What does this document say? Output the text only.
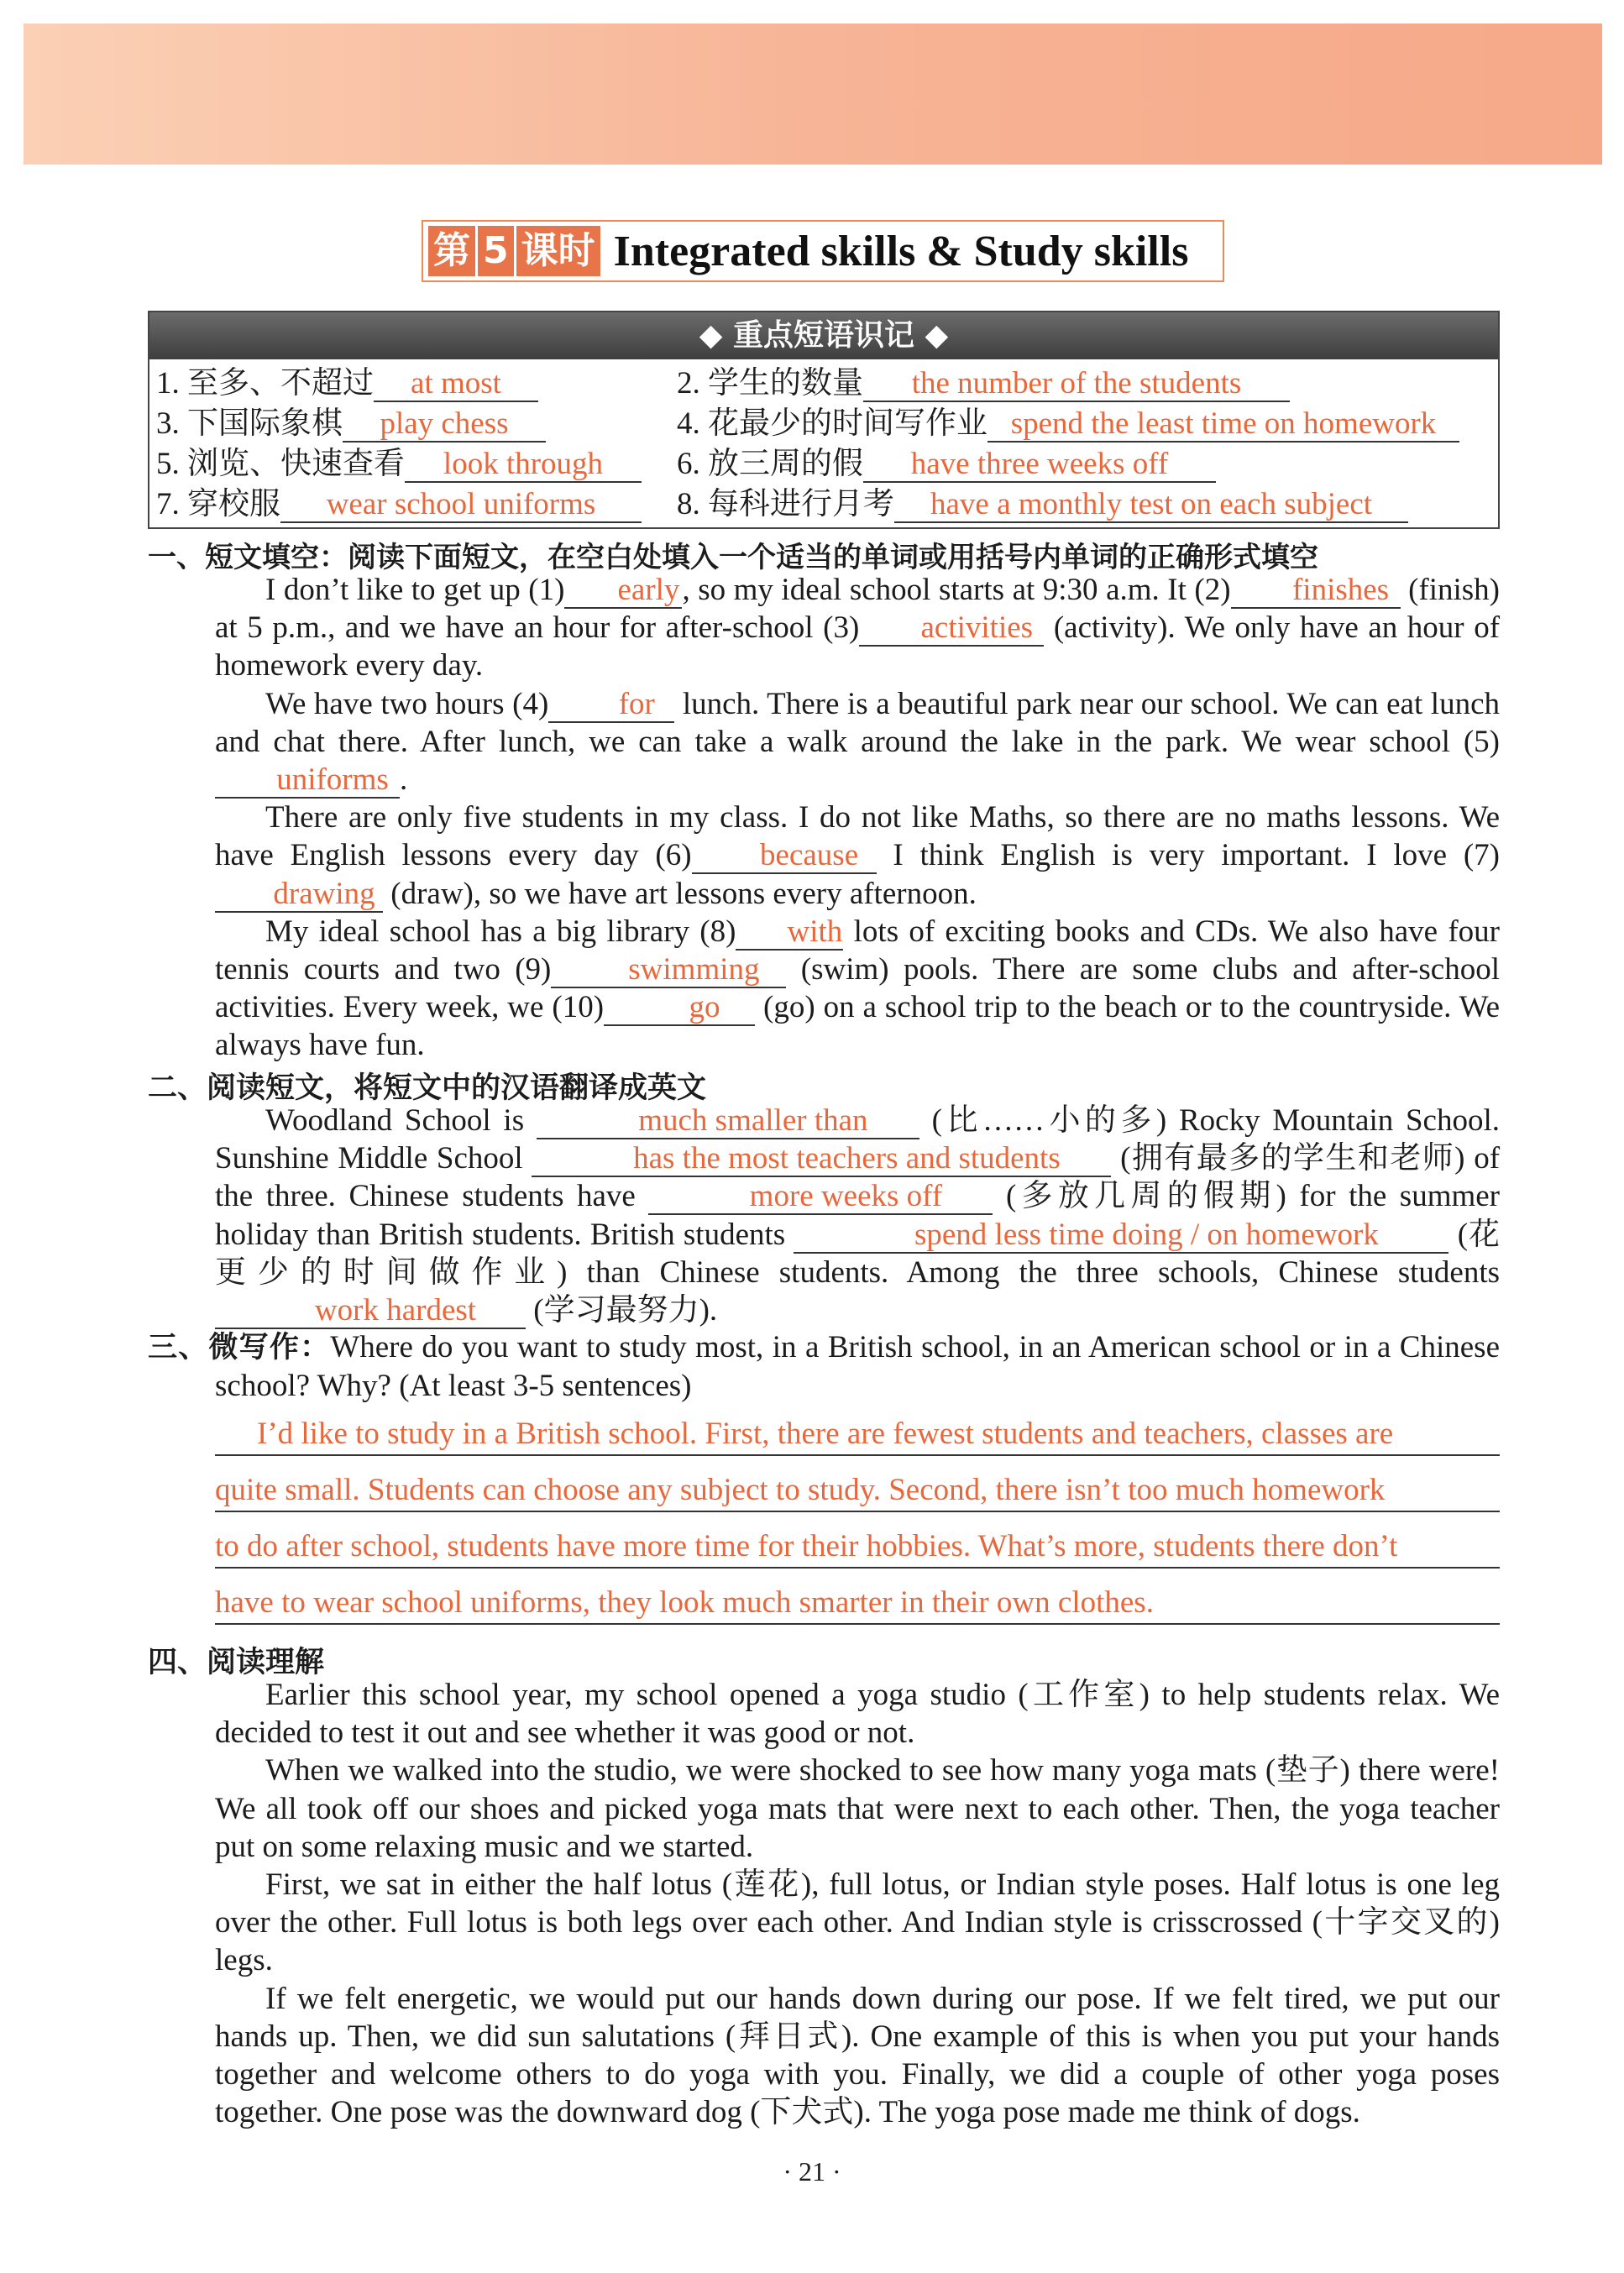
第 5 课时 Integrated skills & Study skills
◆ 重点短语识记 ◆
1. 至多、不超过 at most	2. 学生的数量 the number of the students
3. 下国际象棋 play chess	4. 花最少的时间写作业 spend the least time on homework
5. 浏览、快速查看 look through	6. 放三周的假 have three weeks off
7. 穿校服 wear school uniforms	8. 每科进行月考 have a monthly test on each subject
一、短文填空：阅读下面短文，在空白处填入一个适当的单词或用括号内单词的正确形式填空

I don’t like to get up (1) early, so my ideal school starts at 9:30 a.m. It (2) finishes (finish) at 5 p.m., and we have an hour for after-school (3) activities (activity). We only have an hour of homework every day.

We have two hours (4) for lunch. There is a beautiful park near our school. We can eat lunch and chat there. After lunch, we can take a walk around the lake in the park. We wear school (5)uniforms .

There are only five students in my class. I do not like Maths, so there are no maths lessons. We have English lessons every day (6) because I think English is very important. I love (7) drawing (draw), so we have art lessons every afternoon.

My ideal school has a big library (8) with lots of exciting books and CDs. We also have four tennis courts and two (9) swimming (swim) pools. There are some clubs and after-school activities. Every week, we (10)	go (go) on a school trip to the beach or to the countryside. We always have fun.

二、阅读短文，将短文中的汉语翻译成英文

Woodland School is	much smaller than (比……小的多) Rocky Mountain School. Sunshine Middle School	has the most teachers and students (拥有最多的学生和老师) of the three. Chinese students have	more weeks off (多放几周的假期) for the summer holiday than British students. British students	spend less time doing / on homework	(花更少的时间做作业) than Chinese students. Among the three schools, Chinese students work hardest (学习最努力).

三、微写作：Where do you want to study most, in a British school, in an American school or in a Chinese school? Why? (At least 3-5 sentences)

I’d like to study in a British school. First, there are fewest students and teachers, classes are
quite small. Students can choose any subject to study. Second, there isn’t too much homework
to do after school, students have more time for their hobbies. What’s more, students there don’t
have to wear school uniforms, they look much smarter in their own clothes.
四、阅读理解

Earlier this school year, my school opened a yoga studio (工作室) to help students relax. We decided to test it out and see whether it was good or not.

When we walked into the studio, we were shocked to see how many yoga mats (垫子) there were! We all took off our shoes and picked yoga mats that were next to each other. Then, the yoga teacher put on some relaxing music and we started.

First, we sat in either the half lotus (莲花), full lotus, or Indian style poses. Half lotus is one leg over the other. Full lotus is both legs over each other. And Indian style is crisscrossed (十字交叉的) legs.

If we felt energetic, we would put our hands down during our pose. If we felt tired, we put our hands up. Then, we did sun salutations (拜日式). One example of this is when you put your hands together and welcome others to do yoga with you. Finally, we did a couple of other yoga poses together. One pose was the downward dog (下犬式). The yoga pose made me think of dogs.

· 21 ·
